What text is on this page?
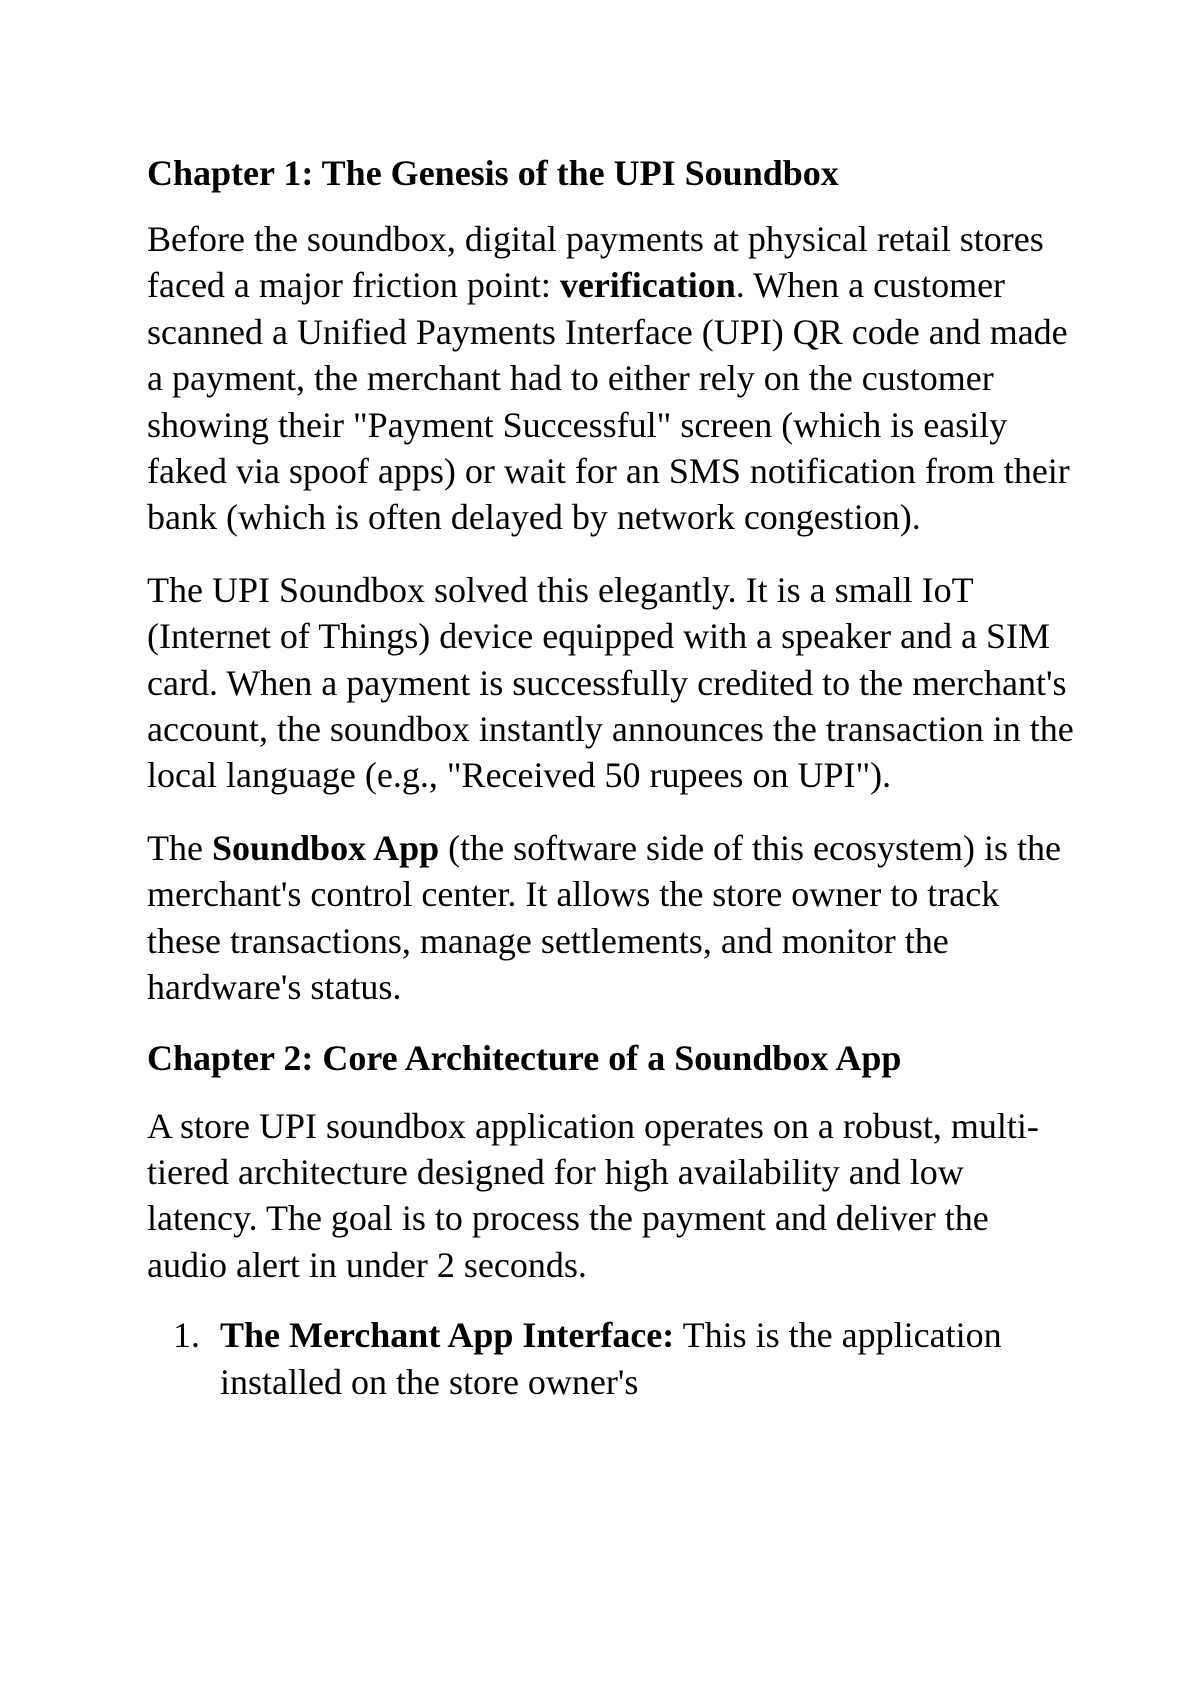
Chapter 1: The Genesis of the UPI Soundbox

Before the soundbox, digital payments at physical retail stores faced a major friction point: verification. When a customer scanned a Unified Payments Interface (UPI) QR code and made a payment, the merchant had to either rely on the customer showing their "Payment Successful" screen (which is easily faked via spoof apps) or wait for an SMS notification from their bank (which is often delayed by network congestion).

The UPI Soundbox solved this elegantly. It is a small IoT (Internet of Things) device equipped with a speaker and a SIM card. When a payment is successfully credited to the merchant's account, the soundbox instantly announces the transaction in the local language (e.g., "Received 50 rupees on UPI").

The Soundbox App (the software side of this ecosystem) is the merchant's control center. It allows the store owner to track these transactions, manage settlements, and monitor the hardware's status.

Chapter 2: Core Architecture of a Soundbox App

A store UPI soundbox application operates on a robust, multi-tiered architecture designed for high availability and low latency. The goal is to process the payment and deliver the audio alert in under 2 seconds.

1. The Merchant App Interface: This is the application installed on the store owner's
